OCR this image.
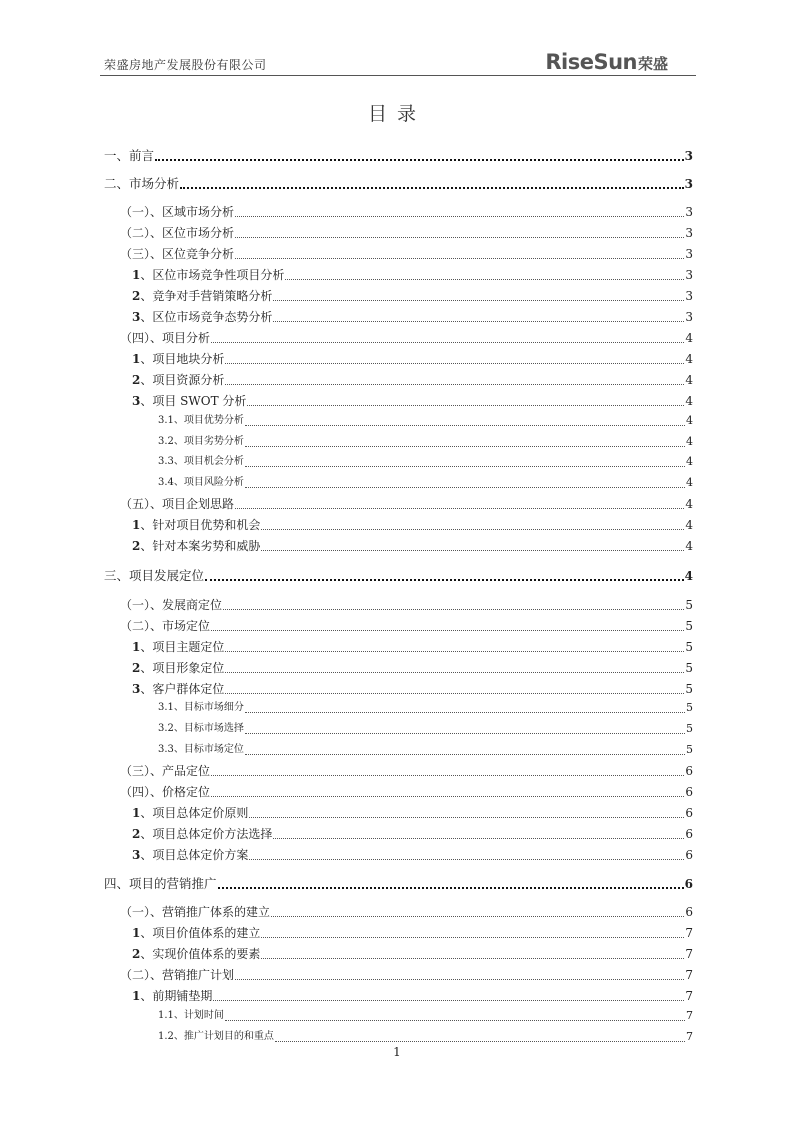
荣盛房地产发展股份有限公司	RiseSun 荣盛
目录
一、前言	3
二、市场分析	3
（一）、区域市场分析	3
（二）、区位市场分析	3
（三）、区位竞争分析	3
1、区位市场竞争性项目分析	3
2、竞争对手营销策略分析	3
3、区位市场竞争态势分析	3
（四）、项目分析	4
1、项目地块分析	4
2、项目资源分析	4
3、项目 SWOT 分析	4
3.1、项目优势分析	4
3.2、项目劣势分析	4
3.3、项目机会分析	4
3.4、项目风险分析	4
（五）、项目企划思路	4
1、针对项目优势和机会	4
2、针对本案劣势和威胁	4
三、项目发展定位	4
（一）、发展商定位	5
（二）、市场定位	5
1、项目主题定位	5
2、项目形象定位	5
3、客户群体定位	5
3.1、目标市场细分	5
3.2、目标市场选择	5
3.3、目标市场定位	5
（三）、产品定位	6
（四）、价格定位	6
1、项目总体定价原则	6
2、项目总体定价方法选择	6
3、项目总体定价方案	6
四、项目的营销推广	6
（一）、营销推广体系的建立	6
1、项目价值体系的建立	7
2、实现价值体系的要素	7
（二）、营销推广计划	7
1、前期铺垫期	7
1.1、计划时间	7
1.2、推广计划目的和重点	7
1
